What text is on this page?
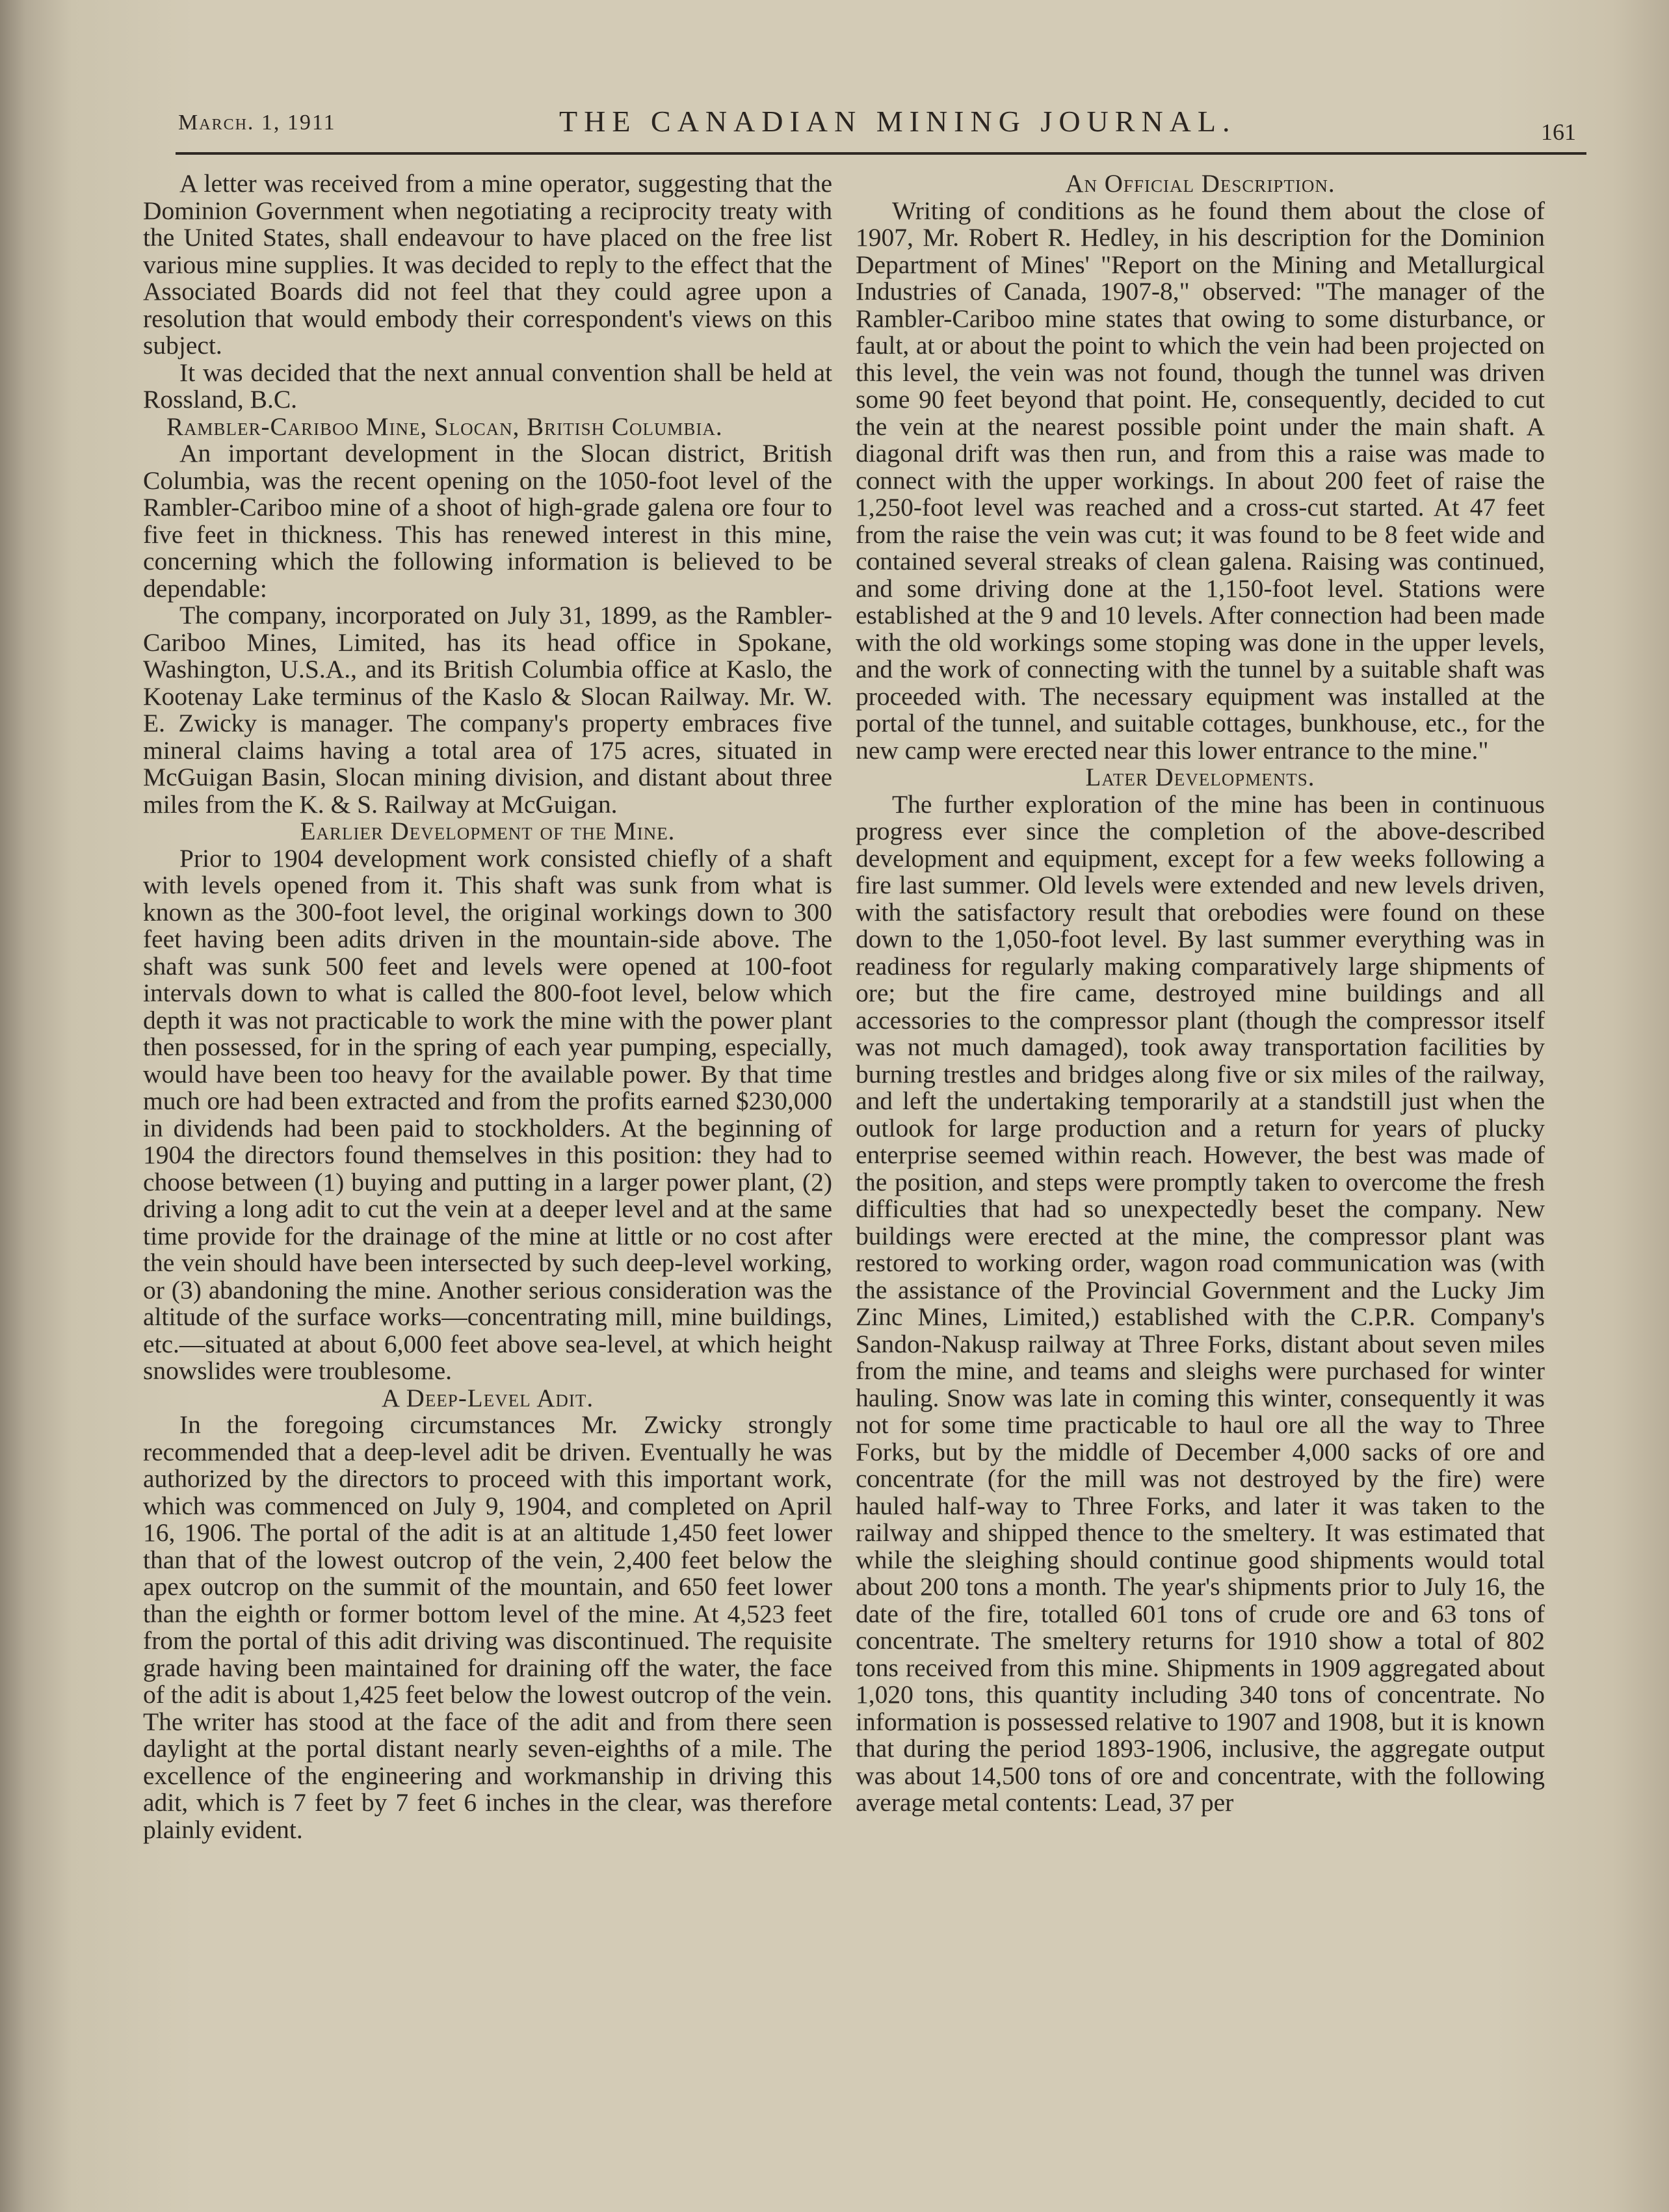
March. 1, 1911	THE CANADIAN MINING JOURNAL.	161

A letter was received from a mine operator, suggesting that the Dominion Government when negotiating a reciprocity treaty with the United States, shall endeavour to have placed on the free list various mine supplies. It was decided to reply to the effect that the Associated Boards did not feel that they could agree upon a resolution that would embody their correspondent's views on this subject.

It was decided that the next annual convention shall be held at Rossland, B.C.

Rambler-Cariboo Mine, Slocan, British Columbia.

An important development in the Slocan district, British Columbia, was the recent opening on the 1050-foot level of the Rambler-Cariboo mine of a shoot of high-grade galena ore four to five feet in thickness. This has renewed interest in this mine, concerning which the following information is believed to be dependable:

The company, incorporated on July 31, 1899, as the Rambler-Cariboo Mines, Limited, has its head office in Spokane, Washington, U.S.A., and its British Columbia office at Kaslo, the Kootenay Lake terminus of the Kaslo & Slocan Railway. Mr. W. E. Zwicky is manager. The company's property embraces five mineral claims having a total area of 175 acres, situated in McGuigan Basin, Slocan mining division, and distant about three miles from the K. & S. Railway at McGuigan.

Earlier Development of the Mine.

Prior to 1904 development work consisted chiefly of a shaft with levels opened from it. This shaft was sunk from what is known as the 300-foot level, the original workings down to 300 feet having been adits driven in the mountain-side above. The shaft was sunk 500 feet and levels were opened at 100-foot intervals down to what is called the 800-foot level, below which depth it was not practicable to work the mine with the power plant then possessed, for in the spring of each year pumping, especially, would have been too heavy for the available power. By that time much ore had been extracted and from the profits earned $230,000 in dividends had been paid to stockholders. At the beginning of 1904 the directors found themselves in this position: they had to choose between (1) buying and putting in a larger power plant, (2) driving a long adit to cut the vein at a deeper level and at the same time provide for the drainage of the mine at little or no cost after the vein should have been intersected by such deep-level working, or (3) abandoning the mine. Another serious consideration was the altitude of the surface works—concentrating mill, mine buildings, etc.—situated at about 6,000 feet above sea-level, at which height snowslides were troublesome.

A Deep-Level Adit.

In the foregoing circumstances Mr. Zwicky strongly recommended that a deep-level adit be driven. Eventually he was authorized by the directors to proceed with this important work, which was commenced on July 9, 1904, and completed on April 16, 1906. The portal of the adit is at an altitude 1,450 feet lower than that of the lowest outcrop of the vein, 2,400 feet below the apex outcrop on the summit of the mountain, and 650 feet lower than the eighth or former bottom level of the mine. At 4,523 feet from the portal of this adit driving was discontinued. The requisite grade having been maintained for draining off the water, the face of the adit is about 1,425 feet below the lowest outcrop of the vein. The writer has stood at the face of the adit and from there seen daylight at the portal distant nearly seven-eighths of a mile. The excellence of the engineering and workmanship in driving this adit, which is 7 feet by 7 feet 6 inches in the clear, was therefore plainly evident.

An Official Description.

Writing of conditions as he found them about the close of 1907, Mr. Robert R. Hedley, in his description for the Dominion Department of Mines' "Report on the Mining and Metallurgical Industries of Canada, 1907-8," observed: "The manager of the Rambler-Cariboo mine states that owing to some disturbance, or fault, at or about the point to which the vein had been projected on this level, the vein was not found, though the tunnel was driven some 90 feet beyond that point. He, consequently, decided to cut the vein at the nearest possible point under the main shaft. A diagonal drift was then run, and from this a raise was made to connect with the upper workings. In about 200 feet of raise the 1,250-foot level was reached and a cross-cut started. At 47 feet from the raise the vein was cut; it was found to be 8 feet wide and contained several streaks of clean galena. Raising was continued, and some driving done at the 1,150-foot level. Stations were established at the 9 and 10 levels. After connection had been made with the old workings some stoping was done in the upper levels, and the work of connecting with the tunnel by a suitable shaft was proceeded with. The necessary equipment was installed at the portal of the tunnel, and suitable cottages, bunkhouse, etc., for the new camp were erected near this lower entrance to the mine."

Later Developments.

The further exploration of the mine has been in continuous progress ever since the completion of the above-described development and equipment, except for a few weeks following a fire last summer. Old levels were extended and new levels driven, with the satisfactory result that orebodies were found on these down to the 1,050-foot level. By last summer everything was in readiness for regularly making comparatively large shipments of ore; but the fire came, destroyed mine buildings and all accessories to the compressor plant (though the compressor itself was not much damaged), took away transportation facilities by burning trestles and bridges along five or six miles of the railway, and left the undertaking temporarily at a standstill just when the outlook for large production and a return for years of plucky enterprise seemed within reach. However, the best was made of the position, and steps were promptly taken to overcome the fresh difficulties that had so unexpectedly beset the company. New buildings were erected at the mine, the compressor plant was restored to working order, wagon road communication was (with the assistance of the Provincial Government and the Lucky Jim Zinc Mines, Limited,) established with the C.P.R. Company's Sandon-Nakusp railway at Three Forks, distant about seven miles from the mine, and teams and sleighs were purchased for winter hauling. Snow was late in coming this winter, consequently it was not for some time practicable to haul ore all the way to Three Forks, but by the middle of December 4,000 sacks of ore and concentrate (for the mill was not destroyed by the fire) were hauled half-way to Three Forks, and later it was taken to the railway and shipped thence to the smeltery. It was estimated that while the sleighing should continue good shipments would total about 200 tons a month. The year's shipments prior to July 16, the date of the fire, totalled 601 tons of crude ore and 63 tons of concentrate. The smeltery returns for 1910 show a total of 802 tons received from this mine. Shipments in 1909 aggregated about 1,020 tons, this quantity including 340 tons of concentrate. No information is possessed relative to 1907 and 1908, but it is known that during the period 1893-1906, inclusive, the aggregate output was about 14,500 tons of ore and concentrate, with the following average metal contents: Lead, 37 per
